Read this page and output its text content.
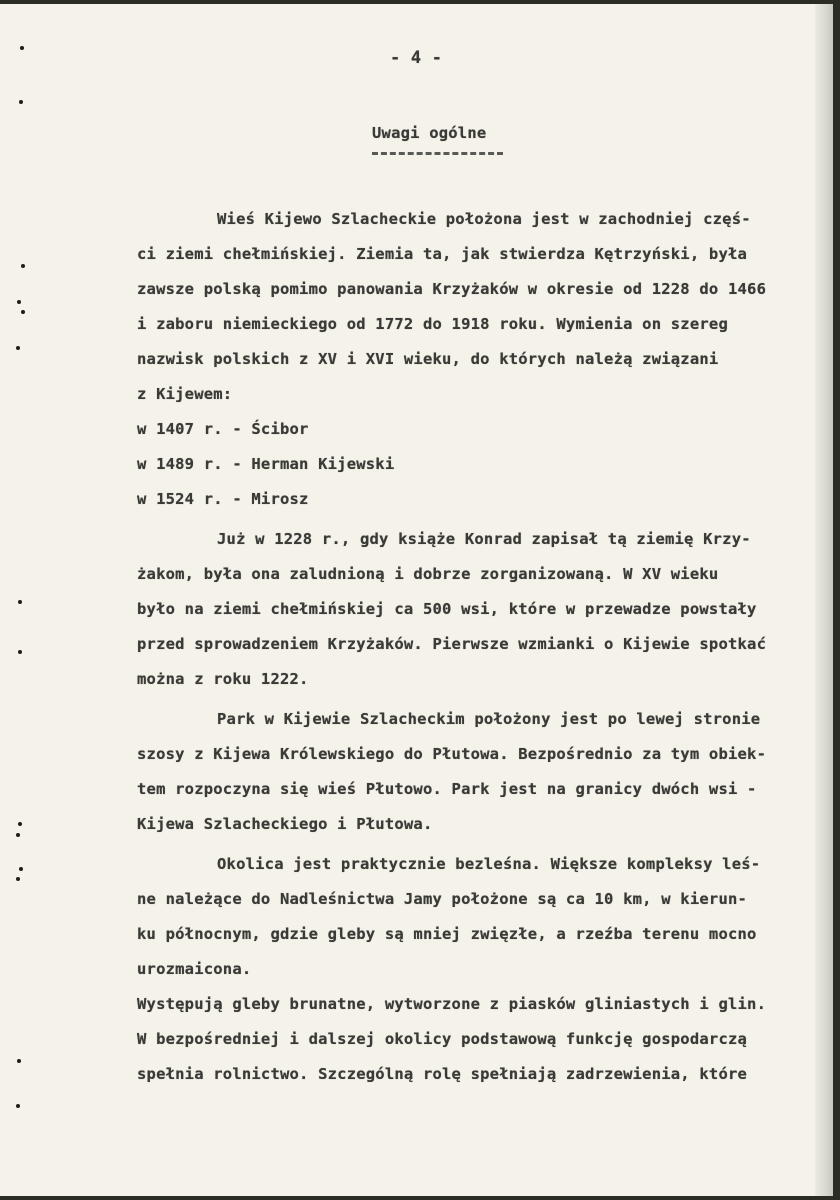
- 4 -
Uwagi ogólne
Wieś Kijewo Szlacheckie położona jest w zachodniej częś-
ci ziemi chełmińskiej. Ziemia ta, jak stwierdza Kętrzyński, była
zawsze polską pomimo panowania Krzyżaków w okresie od 1228 do 1466
i zaboru niemieckiego od 1772 do 1918 roku. Wymienia on szereg
nazwisk polskich z XV i XVI wieku, do których należą związani
z Kijewem:
w 1407 r. - Ścibor
w 1489 r. - Herman Kijewski
w 1524 r. - Mirosz
Już w 1228 r., gdy książe Konrad zapisał tą ziemię Krzy-
żakom, była ona zaludnioną i dobrze zorganizowaną. W XV wieku
było na ziemi chełmińskiej ca 500 wsi, które w przewadze powstały
przed sprowadzeniem Krzyżaków. Pierwsze wzmianki o Kijewie spotkać
można z roku 1222.
Park w Kijewie Szlacheckim położony jest po lewej stronie
szosy z Kijewa Królewskiego do Płutowa. Bezpośrednio za tym obiek-
tem rozpoczyna się wieś Płutowo. Park jest na granicy dwóch wsi -
Kijewa Szlacheckiego i Płutowa.
Okolica jest praktycznie bezleśna. Większe kompleksy leś-
ne należące do Nadleśnictwa Jamy położone są ca 10 km, w kierun-
ku północnym, gdzie gleby są mniej zwięzłe, a rzeźba terenu mocno
urozmaicona.
Występują gleby brunatne, wytworzone z piasków gliniastych i glin.
W bezpośredniej i dalszej okolicy podstawową funkcję gospodarczą
spełnia rolnictwo. Szczególną rolę spełniają zadrzewienia, które
